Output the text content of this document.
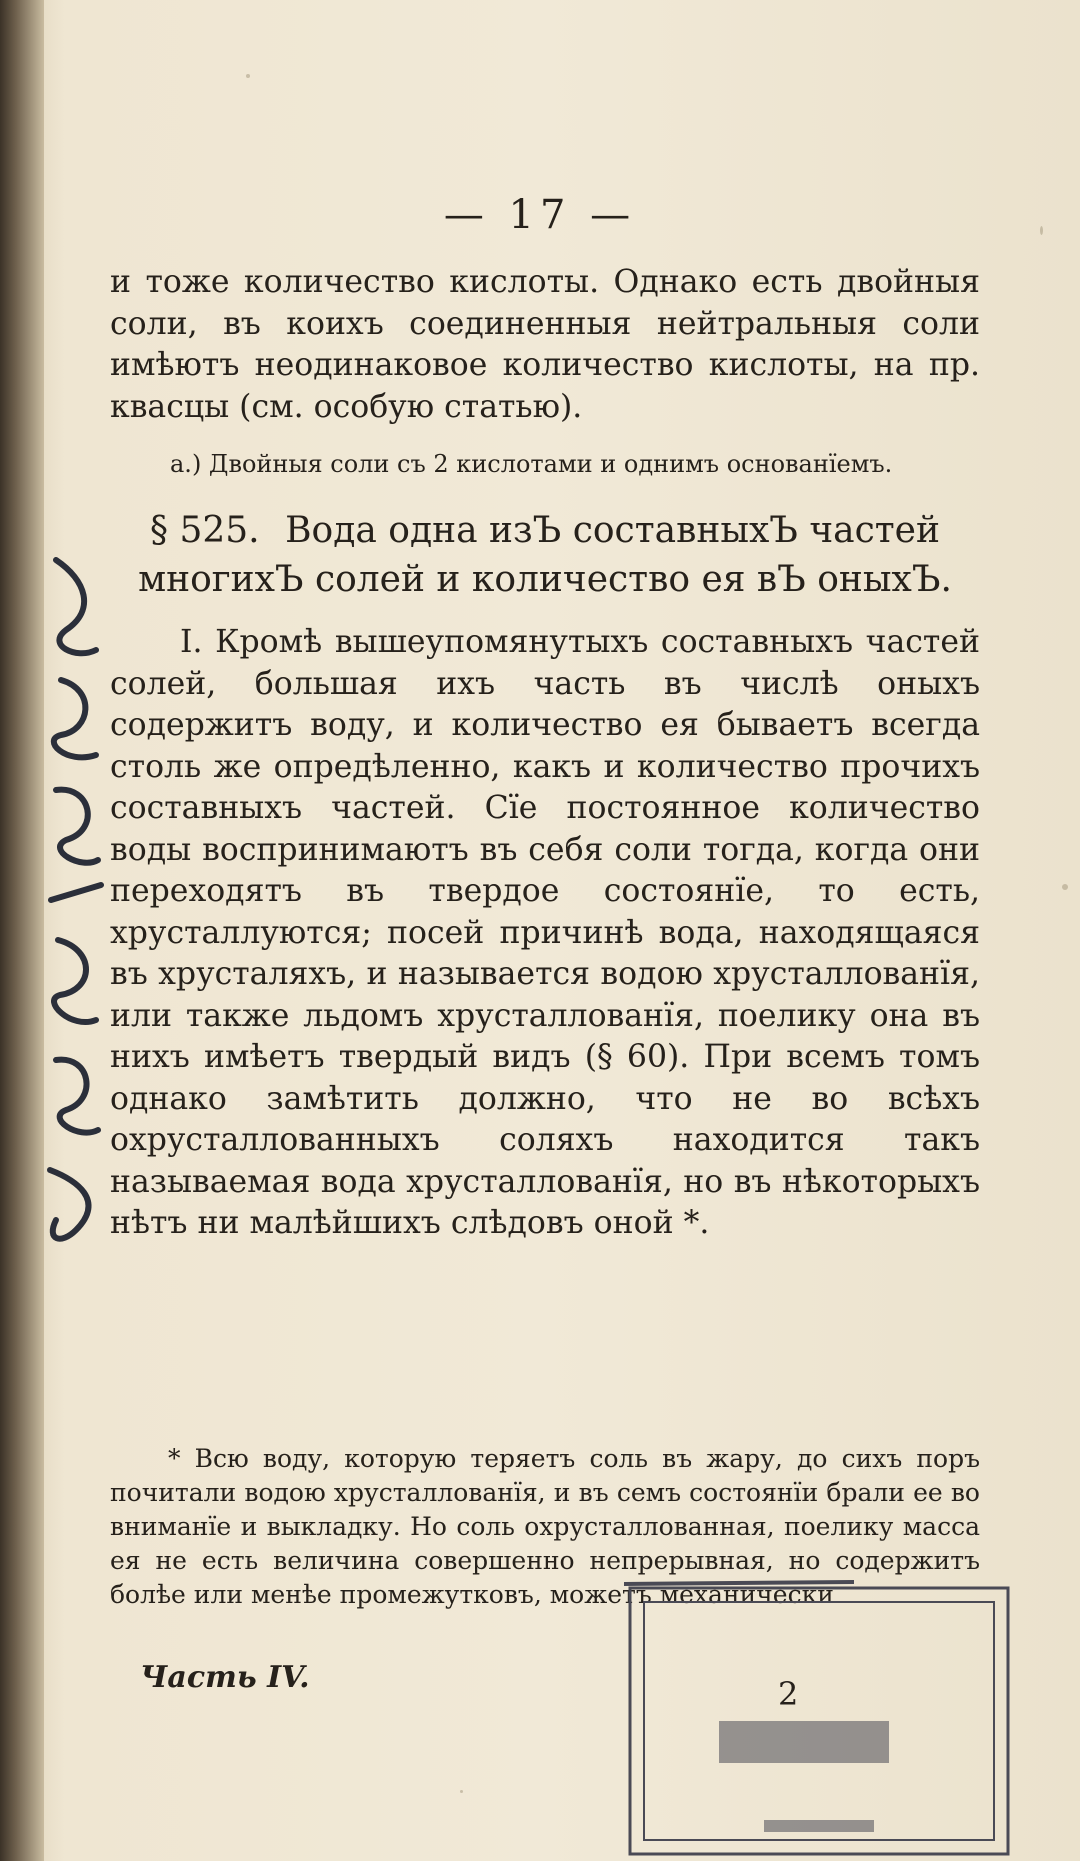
— 17 —

и тоже количество кислоты. Однако есть двойныя соли, въ коихъ соединенныя нейтральныя соли имѣютъ неодинаковое количество кислоты, на пр. квасцы (см. особую статью).

а.) Двойныя соли съ 2 кислотами и однимъ основанїемъ.

§ 525. Вода одна изЪ составныхЪ частей многихЪ солей и количество ея вЪ оныхЪ.

I. Кромѣ вышеупомянутыхъ составныхъ частей солей, большая ихъ часть въ числѣ оныхъ содержитъ воду, и количество ея бываетъ всегда столь же опредѣленно, какъ и количество прочихъ составныхъ частей. Сїе постоянное количество воды воспринимаютъ въ себя соли тогда, когда они переходятъ въ твердое состоянїе, то есть, хрусталлуются; посей причинѣ вода, находящаяся въ хрусталяхъ, и называется водою хрусталлованїя, или также льдомъ хрусталлованїя, поелику она въ нихъ имѣетъ твердый видъ (§ 60). При всемъ томъ однако замѣтить должно, что не во всѣхъ охрусталлованныхъ соляхъ находится такъ называемая вода хрусталлованїя, но въ нѣкоторыхъ нѣтъ ни малѣйшихъ слѣдовъ оной *.

* Всю воду, которую теряетъ соль въ жару, до сихъ поръ почитали водою хрусталлованїя, и въ семъ состоянїи брали ее во вниманїе и выкладку. Но соль охрусталлованная, поелику масса ея не есть величина совершенно непрерывная, но содержитъ болѣе или менѣе промежутковъ, можетъ механически
Часть IV.	2
